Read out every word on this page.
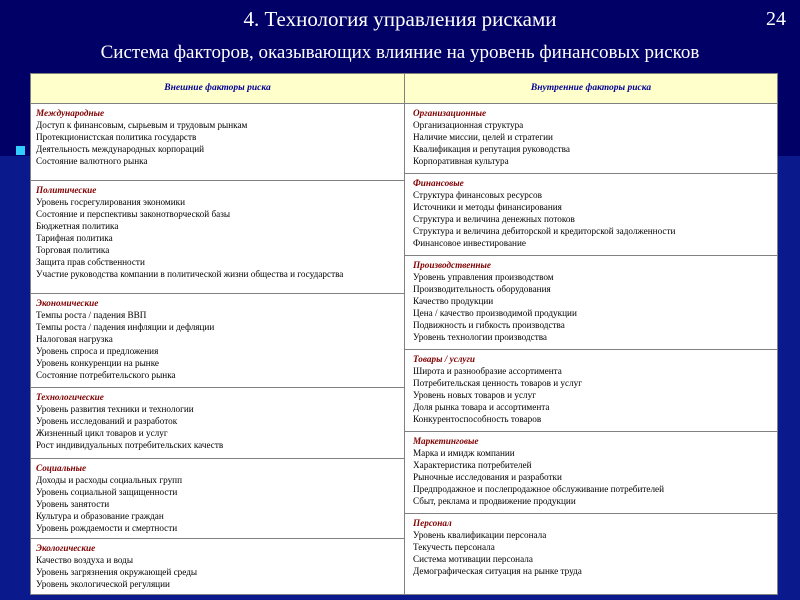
4. Технология управления рисками	24
Система факторов, оказывающих влияние на уровень финансовых рисков
Внешние факторы риска	Внутренние факторы риска
Международные
Доступ к финансовым, сырьевым и трудовым рынкам
Протекционистская политика государств
Деятельность международных корпораций
Состояние валютного рынка
Политические
Уровень госрегулирования экономики
Состояние и перспективы законотворческой базы
Бюджетная политика
Тарифная политика
Торговая политика
Защита прав собственности
Участие руководства компании в политической жизни общества и государства
Экономические
Темпы роста / падения ВВП
Темпы роста / падения инфляции и дефляции
Налоговая нагрузка
Уровень спроса и предложения
Уровень конкуренции на рынке
Состояние потребительского рынка
Технологические
Уровень развития техники и технологии
Уровень исследований и разработок
Жизненный цикл товаров и услуг
Рост индивидуальных потребительских качеств
Социальные
Доходы и расходы социальных групп
Уровень социальной защищенности
Уровень занятости
Культура и образование граждан
Уровень рождаемости и смертности
Экологические
Качество воздуха и воды
Уровень загрязнения окружающей среды
Уровень экологической регуляции
Организационные
Организационная структура
Наличие миссии, целей и стратегии
Квалификация и репутация руководства
Корпоративная культура
Финансовые
Структура финансовых ресурсов
Источники и методы финансирования
Структура и величина денежных потоков
Структура и величина дебиторской и кредиторской задолженности
Финансовое инвестирование
Производственные
Уровень управления производством
Производительность оборудования
Качество продукции
Цена / качество производимой продукции
Подвижность и гибкость производства
Уровень технологии производства
Товары / услуги
Широта и разнообразие ассортимента
Потребительская ценность товаров и услуг
Уровень новых товаров и услуг
Доля рынка товара и ассортимента
Конкурентоспособность товаров
Маркетинговые
Марка и имидж компании
Характеристика потребителей
Рыночные исследования и разработки
Предпродажное и послепродажное обслуживание потребителей
Сбыт, реклама и продвижение продукции
Персонал
Уровень квалификации персонала
Текучесть персонала
Система мотивации персонала
Демографическая ситуация на рынке труда
